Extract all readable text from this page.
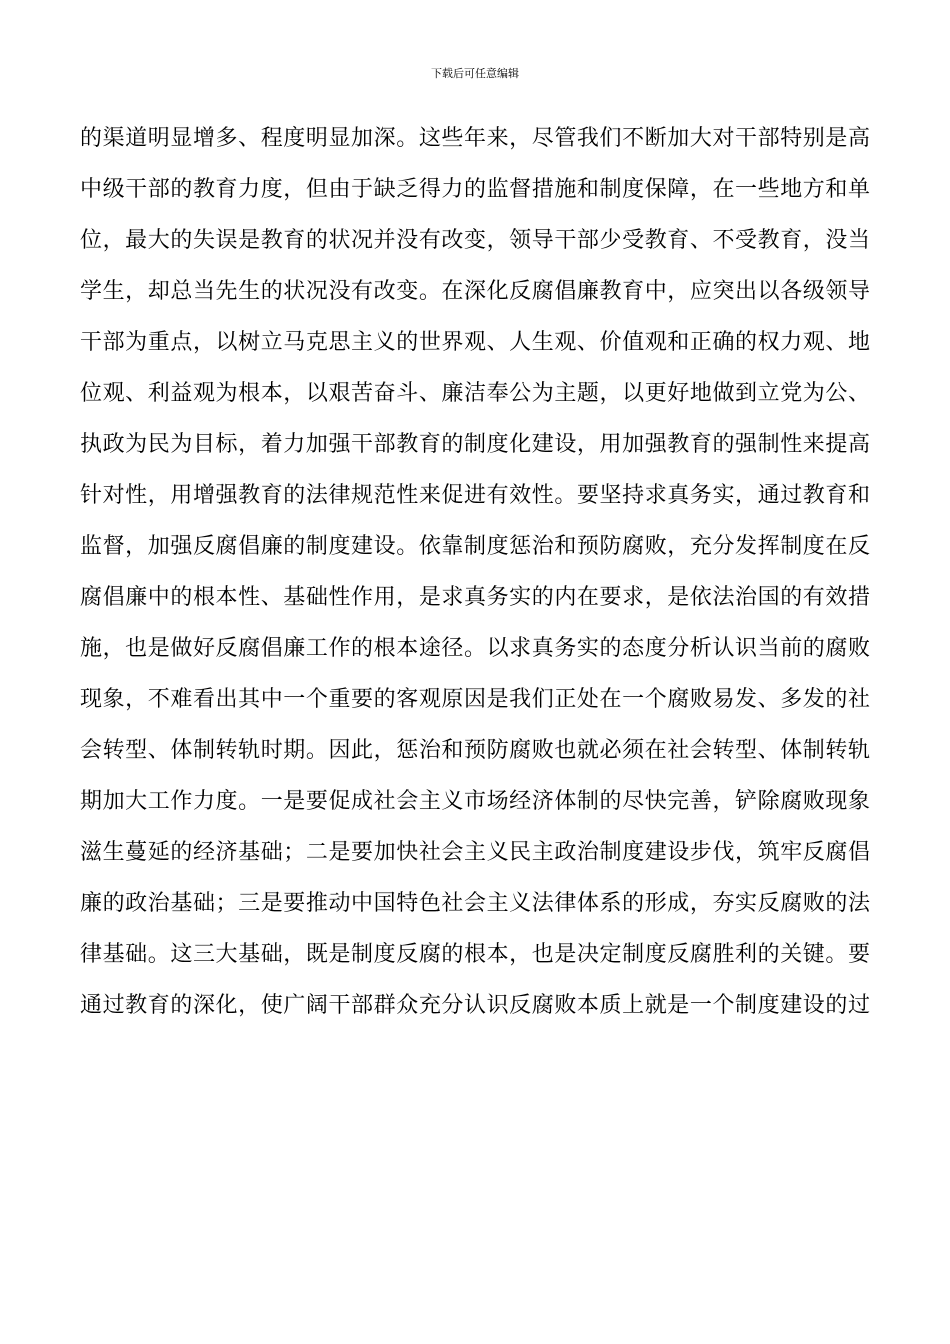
下载后可任意编辑
的渠道明显增多、程度明显加深。这些年来，尽管我们不断加大对干部特别是高
中级干部的教育力度，但由于缺乏得力的监督措施和制度保障，在一些地方和单
位，最大的失误是教育的状况并没有改变，领导干部少受教育、不受教育，没当
学生，却总当先生的状况没有改变。在深化反腐倡廉教育中，应突出以各级领导
干部为重点，以树立马克思主义的世界观、人生观、价值观和正确的权力观、地
位观、利益观为根本，以艰苦奋斗、廉洁奉公为主题，以更好地做到立党为公、
执政为民为目标，着力加强干部教育的制度化建设，用加强教育的强制性来提高
针对性，用增强教育的法律规范性来促进有效性。要坚持求真务实，通过教育和
监督，加强反腐倡廉的制度建设。依靠制度惩治和预防腐败，充分发挥制度在反
腐倡廉中的根本性、基础性作用，是求真务实的内在要求，是依法治国的有效措
施，也是做好反腐倡廉工作的根本途径。以求真务实的态度分析认识当前的腐败
现象，不难看出其中一个重要的客观原因是我们正处在一个腐败易发、多发的社
会转型、体制转轨时期。因此，惩治和预防腐败也就必须在社会转型、体制转轨
期加大工作力度。一是要促成社会主义市场经济体制的尽快完善，铲除腐败现象
滋生蔓延的经济基础；二是要加快社会主义民主政治制度建设步伐，筑牢反腐倡
廉的政治基础；三是要推动中国特色社会主义法律体系的形成，夯实反腐败的法
律基础。这三大基础，既是制度反腐的根本，也是决定制度反腐胜利的关键。要
通过教育的深化，使广阔干部群众充分认识反腐败本质上就是一个制度建设的过
